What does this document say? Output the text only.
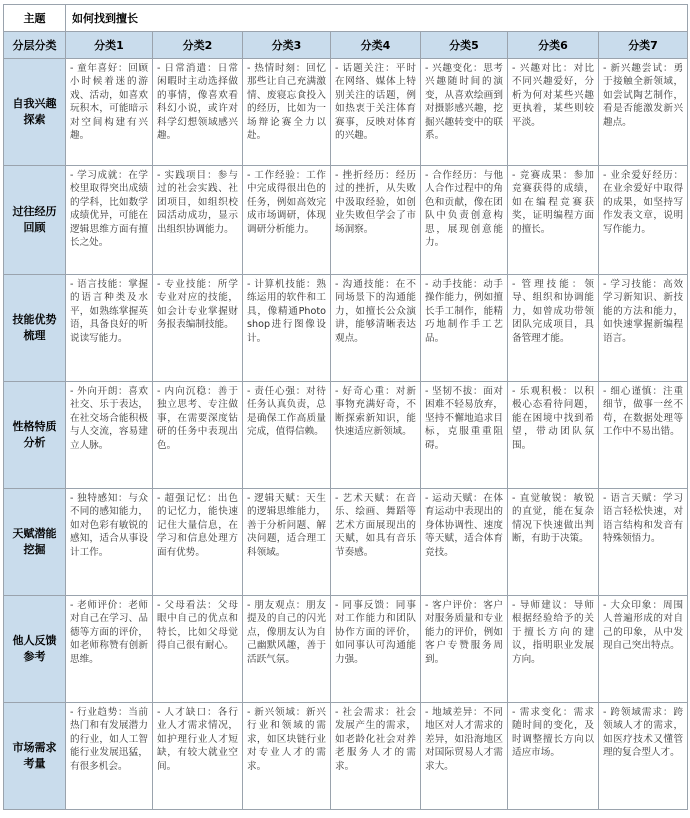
主题	如何找到擅长						
分层分类	分类1	分类2	分类3	分类4	分类5	分类6	分类7
自我兴趣探索	- 童年喜好：回顾小时候着迷的游戏、活动，如喜欢玩积木，可能暗示对空间构建有兴趣。	- 日常消遣：日常闲暇时主动选择做的事情，像喜欢看科幻小说，或许对科学幻想领域感兴趣。	- 热情时刻：回忆那些让自己充满激情、废寝忘食投入的经历，比如为一场辩论赛全力以赴。	- 话题关注：平时在网络、媒体上特别关注的话题，例如热衷于关注体育赛事，反映对体育的兴趣。	- 兴趣变化：思考兴趣随时间的演变，从喜欢绘画到对摄影感兴趣，挖掘兴趣转变中的联系。	- 兴趣对比：对比不同兴趣爱好，分析为何对某些兴趣更执着，某些则较平淡。	- 新兴趣尝试：勇于接触全新领域，如尝试陶艺制作，看是否能激发新兴趣点。
过往经历回顾	- 学习成就：在学校里取得突出成绩的学科，比如数学成绩优异，可能在逻辑思维方面有擅长之处。	- 实践项目：参与过的社会实践、社团项目，如组织校园活动成功，显示出组织协调能力。	- 工作经验：工作中完成得很出色的任务，例如高效完成市场调研，体现调研分析能力。	- 挫折经历：经历过的挫折，从失败中汲取经验，如创业失败但学会了市场洞察。	- 合作经历：与他人合作过程中的角色和贡献，像在团队中负责创意构思，展现创意能力。	- 竞赛成果：参加竞赛获得的成绩，如在编程竞赛获奖，证明编程方面的擅长。	- 业余爱好经历：在业余爱好中取得的成果，如坚持写作发表文章，说明写作能力。
技能优势梳理	- 语言技能：掌握的语言种类及水平，如熟练掌握英语，具备良好的听说读写能力。	- 专业技能：所学专业对应的技能，如会计专业掌握财务报表编制技能。	- 计算机技能：熟练运用的软件和工具，像精通Photoshop进行图像设计。	- 沟通技能：在不同场景下的沟通能力，如擅长公众演讲，能够清晰表达观点。	- 动手技能：动手操作能力，例如擅长手工制作，能精巧地制作手工艺品。	- 管理技能：领导、组织和协调能力，如曾成功带领团队完成项目，具备管理才能。	- 学习技能：高效学习新知识、新技能的方法和能力，如快速掌握新编程语言。
性格特质分析	- 外向开朗：喜欢社交、乐于表达，在社交场合能积极与人交流，容易建立人脉。	- 内向沉稳：善于独立思考、专注做事，在需要深度钻研的任务中表现出色。	- 责任心强：对待任务认真负责，总是确保工作高质量完成，值得信赖。	- 好奇心重：对新事物充满好奇，不断探索新知识，能快速适应新领域。	- 坚韧不拔：面对困难不轻易放弃，坚持不懈地追求目标，克服重重阻碍。	- 乐观积极：以积极心态看待问题，能在困境中找到希望，带动团队氛围。	- 细心谨慎：注重细节，做事一丝不苟，在数据处理等工作中不易出错。
天赋潜能挖掘	- 独特感知：与众不同的感知能力，如对色彩有敏锐的感知，适合从事设计工作。	- 超强记忆：出色的记忆力，能快速记住大量信息，在学习和信息处理方面有优势。	- 逻辑天赋：天生的逻辑思维能力，善于分析问题、解决问题，适合理工科领域。	- 艺术天赋：在音乐、绘画、舞蹈等艺术方面展现出的天赋，如具有音乐节奏感。	- 运动天赋：在体育运动中表现出的身体协调性、速度等天赋，适合体育竞技。	- 直觉敏锐：敏锐的直觉，能在复杂情况下快速做出判断，有助于决策。	- 语言天赋：学习语言轻松快速，对语言结构和发音有特殊领悟力。
他人反馈参考	- 老师评价：老师对自己在学习、品德等方面的评价，如老师称赞有创新思维。	- 父母看法：父母眼中自己的优点和特长，比如父母觉得自己很有耐心。	- 朋友观点：朋友提及的自己的闪光点，像朋友认为自己幽默风趣，善于活跃气氛。	- 同事反馈：同事对工作能力和团队协作方面的评价，如同事认可沟通能力强。	- 客户评价：客户对服务质量和专业能力的评价，例如客户专赞服务周到。	- 导师建议：导师根据经验给予的关于擅长方向的建议，指明职业发展方向。	- 大众印象：周围人普遍形成的对自己的印象，从中发现自己突出特点。
市场需求考量	- 行业趋势：当前热门和有发展潜力的行业，如人工智能行业发展迅猛，有很多机会。	- 人才缺口：各行业人才需求情况，如护理行业人才短缺，有较大就业空间。	- 新兴领域：新兴行业和领域的需求，如区块链行业对专业人才的需求。	- 社会需求：社会发展产生的需求，如老龄化社会对养老服务人才的需求。	- 地域差异：不同地区对人才需求的差异，如沿海地区对国际贸易人才需求大。	- 需求变化：需求随时间的变化，及时调整擅长方向以适应市场。	- 跨领域需求：跨领域人才的需求，如医疗技术又懂管理的复合型人才。
